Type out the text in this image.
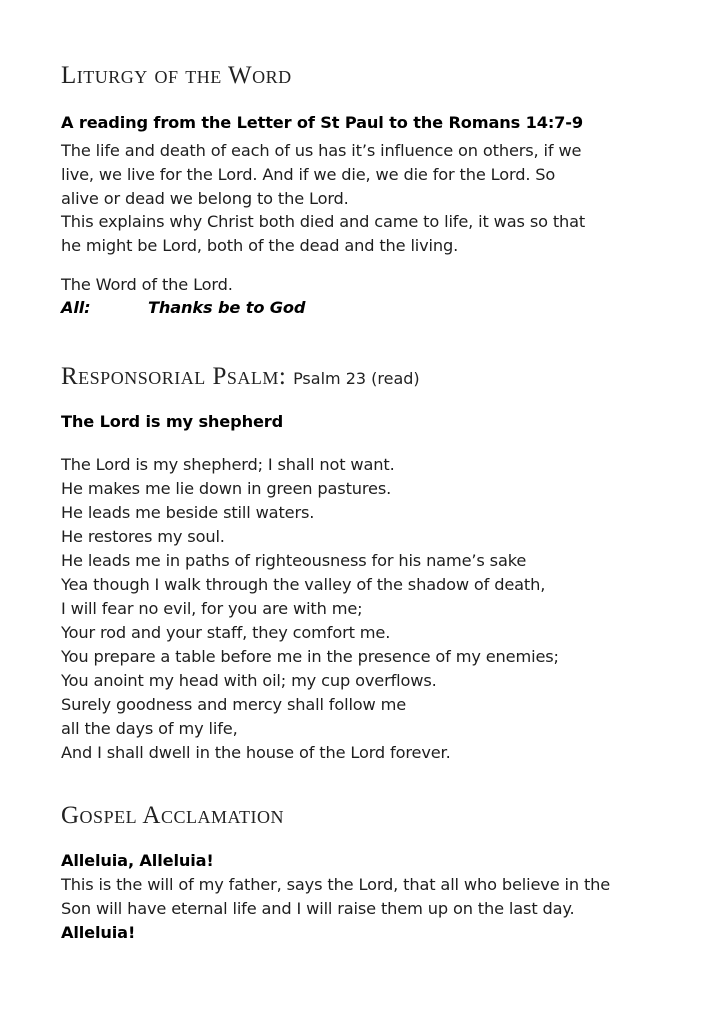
Liturgy of the Word
A reading from the Letter of St Paul to the Romans 14:7-9
The life and death of each of us has it’s influence on others, if we
live, we live for the Lord. And if we die, we die for the Lord. So
alive or dead we belong to the Lord.
This explains why Christ both died and came to life, it was so that
he might be Lord, both of the dead and the living.
The Word of the Lord.
All:	Thanks be to God
Responsorial Psalm: Psalm 23 (read)
The Lord is my shepherd
The Lord is my shepherd; I shall not want.
He makes me lie down in green pastures.
He leads me beside still waters.
He restores my soul.
He leads me in paths of righteousness for his name’s sake
Yea though I walk through the valley of the shadow of death,
I will fear no evil, for you are with me;
Your rod and your staff, they comfort me.
You prepare a table before me in the presence of my enemies;
You anoint my head with oil; my cup overflows.
Surely goodness and mercy shall follow me
all the days of my life,
And I shall dwell in the house of the Lord forever.
Gospel Acclamation
Alleluia, Alleluia!
This is the will of my father, says the Lord, that all who believe in the
Son will have eternal life and I will raise them up on the last day.
Alleluia!
